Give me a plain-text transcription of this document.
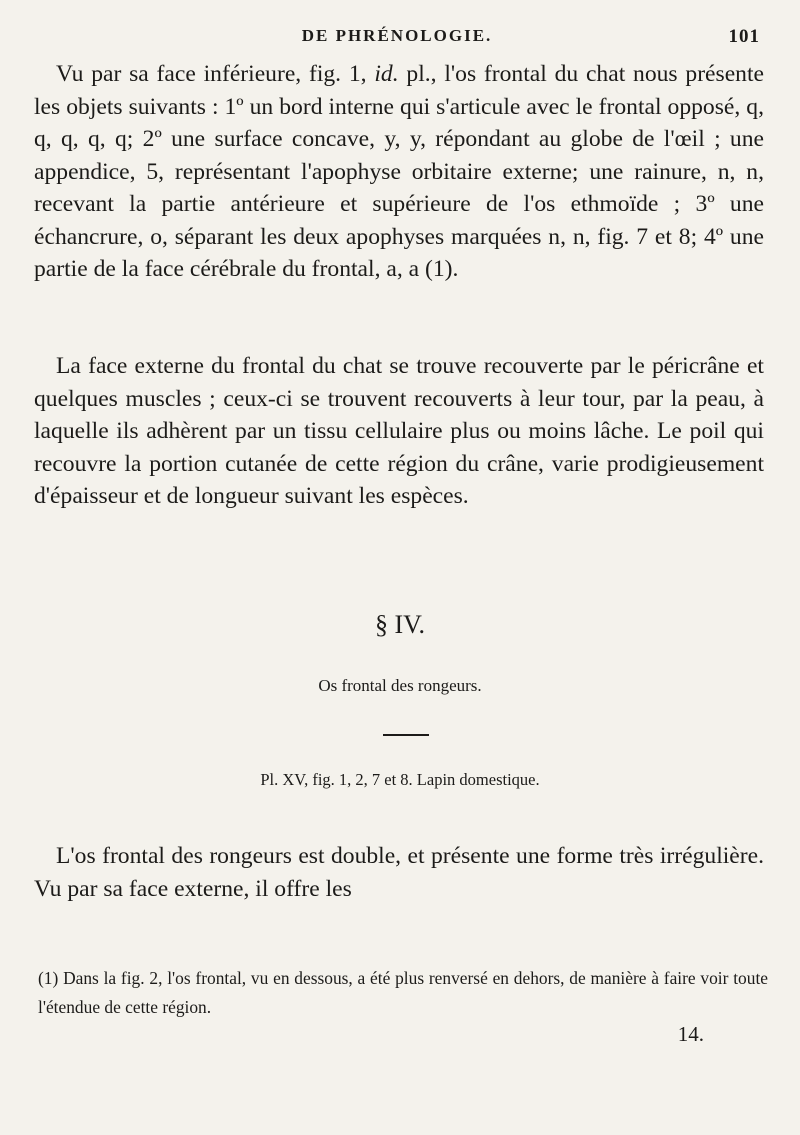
DE PHRÉNOLOGIE.	101

Vu par sa face inférieure, fig. 1, id. pl., l'os frontal du chat nous présente les objets suivants : 1º un bord interne qui s'articule avec le frontal opposé, q, q, q, q, q; 2º une surface concave, y, y, répondant au globe de l'œil ; une appendice, 5, représentant l'apophyse orbitaire externe; une rainure, n, n, recevant la partie antérieure et supérieure de l'os ethmoïde ; 3º une échancrure, o, séparant les deux apophyses marquées n, n, fig. 7 et 8; 4º une partie de la face cérébrale du frontal, a, a (1).

La face externe du frontal du chat se trouve recouverte par le péricrâne et quelques muscles ; ceux-ci se trouvent recouverts à leur tour, par la peau, à laquelle ils adhèrent par un tissu cellulaire plus ou moins lâche. Le poil qui recouvre la portion cutanée de cette région du crâne, varie prodigieusement d'épaisseur et de longueur suivant les espèces.

§ IV.
Os frontal des rongeurs.
Pl. XV, fig. 1, 2, 7 et 8. Lapin domestique.

L'os frontal des rongeurs est double, et présente une forme très irrégulière. Vu par sa face externe, il offre les

(1) Dans la fig. 2, l'os frontal, vu en dessous, a été plus renversé en dehors, de manière à faire voir toute l'étendue de cette région.

14.
